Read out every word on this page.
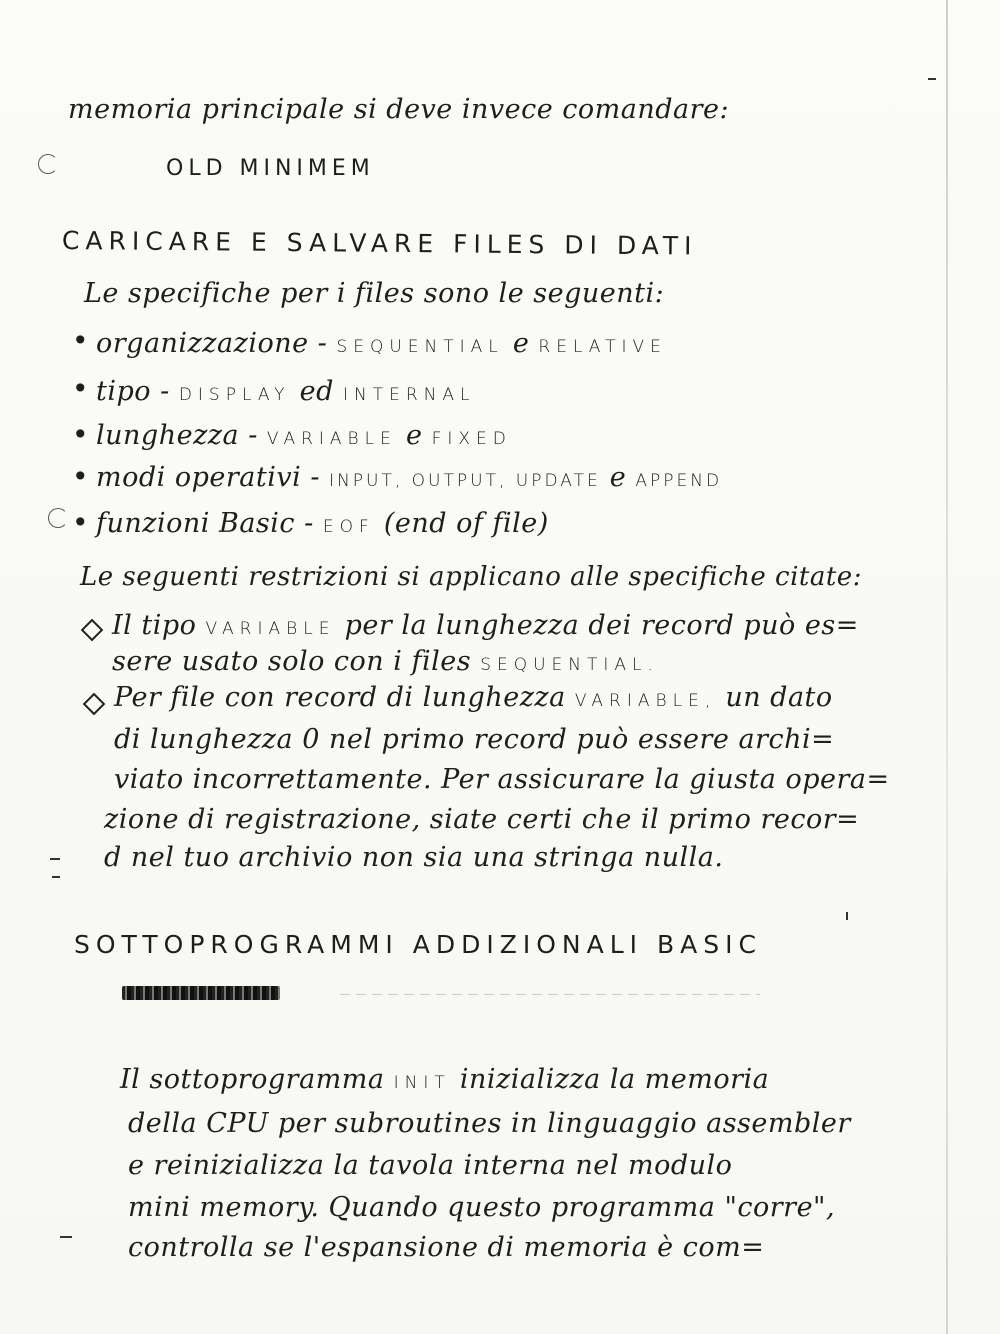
memoria principale si deve invece comandare:
OLD MINIMEM
CARICARE E SALVARE FILES DI DATI
Le specifiche per i files sono le seguenti:
• organizzazione - SEQUENTIAL e RELATIVE
• tipo - DISPLAY ed INTERNAL
• lunghezza - VARIABLE e FIXED
• modi operativi - INPUT, OUTPUT, UPDATE e APPEND
• funzioni Basic - EOF (end of file)
Le seguenti restrizioni si applicano alle specifiche citate:
Il tipo VARIABLE per la lunghezza dei record può es=
sere usato solo con i files SEQUENTIAL.
Per file con record di lunghezza VARIABLE, un dato
di lunghezza 0 nel primo record può essere archi=
viato incorrettamente. Per assicurare la giusta opera=
zione di registrazione, siate certi che il primo recor=
d nel tuo archivio non sia una stringa nulla.
SOTTOPROGRAMMI ADDIZIONALI BASIC
Il sottoprogramma INIT inizializza la memoria
della CPU per subroutines in linguaggio assembler
e reinizializza la tavola interna nel modulo
mini memory. Quando questo programma "corre",
controlla se l'espansione di memoria è com=
